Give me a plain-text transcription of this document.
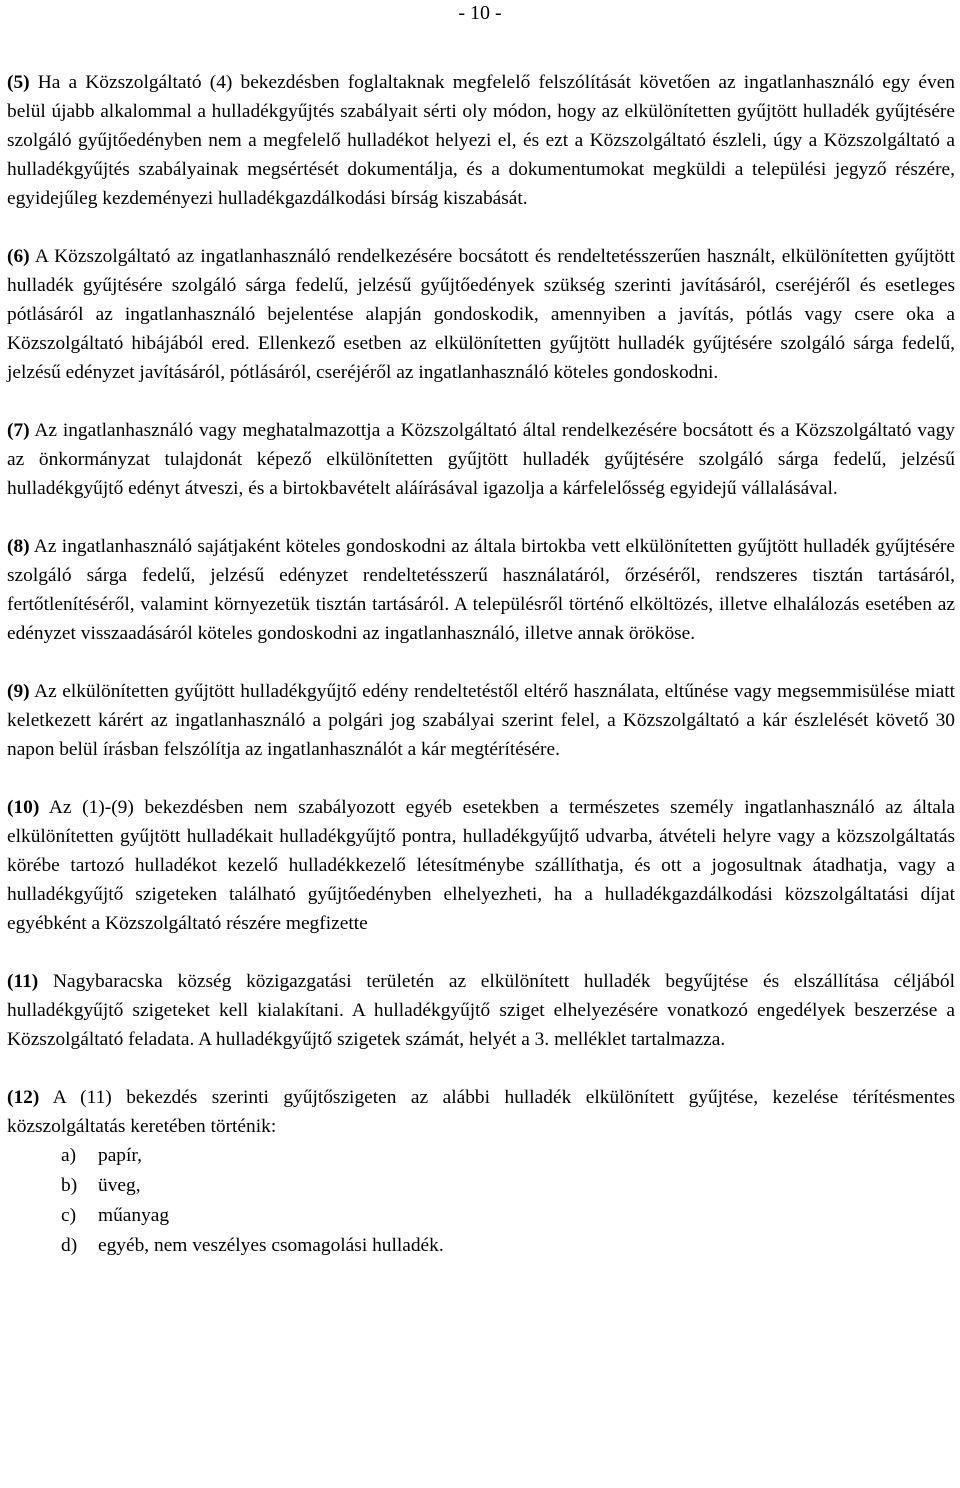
- 10 -

(5) Ha a Közszolgáltató (4) bekezdésben foglaltaknak megfelelő felszólítását követően az ingatlanhasználó egy éven belül újabb alkalommal a hulladékgyűjtés szabályait sérti oly módon, hogy az elkülönítetten gyűjtött hulladék gyűjtésére szolgáló gyűjtőedényben nem a megfelelő hulladékot helyezi el, és ezt a Közszolgáltató észleli, úgy a Közszolgáltató a hulladékgyűjtés szabályainak megsértését dokumentálja, és a dokumentumokat megküldi a települési jegyző részére, egyidejűleg kezdeményezi hulladékgazdálkodási bírság kiszabását.

(6) A Közszolgáltató az ingatlanhasználó rendelkezésére bocsátott és rendeltetésszerűen használt, elkülönítetten gyűjtött hulladék gyűjtésére szolgáló sárga fedelű, jelzésű gyűjtőedények szükség szerinti javításáról, cseréjéről és esetleges pótlásáról az ingatlanhasználó bejelentése alapján gondoskodik, amennyiben a javítás, pótlás vagy csere oka a Közszolgáltató hibájából ered. Ellenkező esetben az elkülönítetten gyűjtött hulladék gyűjtésére szolgáló sárga fedelű, jelzésű edényzet javításáról, pótlásáról, cseréjéről az ingatlanhasználó köteles gondoskodni.

(7) Az ingatlanhasználó vagy meghatalmazottja a Közszolgáltató által rendelkezésére bocsátott és a Közszolgáltató vagy az önkormányzat tulajdonát képező elkülönítetten gyűjtött hulladék gyűjtésére szolgáló sárga fedelű, jelzésű hulladékgyűjtő edényt átveszi, és a birtokbavételt aláírásával igazolja a kárfelelősség egyidejű vállalásával.

(8) Az ingatlanhasználó sajátjaként köteles gondoskodni az általa birtokba vett elkülönítetten gyűjtött hulladék gyűjtésére szolgáló sárga fedelű, jelzésű edényzet rendeltetésszerű használatáról, őrzéséről, rendszeres tisztán tartásáról, fertőtlenítéséről, valamint környezetük tisztán tartásáról. A településről történő elköltözés, illetve elhalálozás esetében az edényzet visszaadásáról köteles gondoskodni az ingatlanhasználó, illetve annak örököse.

(9) Az elkülönítetten gyűjtött hulladékgyűjtő edény rendeltetéstől eltérő használata, eltűnése vagy megsemmisülése miatt keletkezett kárért az ingatlanhasználó a polgári jog szabályai szerint felel, a Közszolgáltató a kár észlelését követő 30 napon belül írásban felszólítja az ingatlanhasználót a kár megtérítésére.

(10) Az (1)-(9) bekezdésben nem szabályozott egyéb esetekben a természetes személy ingatlanhasználó az általa elkülönítetten gyűjtött hulladékait hulladékgyűjtő pontra, hulladékgyűjtő udvarba, átvételi helyre vagy a közszolgáltatás körébe tartozó hulladékot kezelő hulladékkezelő létesítménybe szállíthatja, és ott a jogosultnak átadhatja, vagy a hulladékgyűjtő szigeteken található gyűjtőedényben elhelyezheti, ha a hulladékgazdálkodási közszolgáltatási díjat egyébként a Közszolgáltató részére megfizette

(11) Nagybaracska község közigazgatási területén az elkülönített hulladék begyűjtése és elszállítása céljából hulladékgyűjtő szigeteket kell kialakítani. A hulladékgyűjtő sziget elhelyezésére vonatkozó engedélyek beszerzése a Közszolgáltató feladata. A hulladékgyűjtő szigetek számát, helyét a 3. melléklet tartalmazza.

(12) A (11) bekezdés szerinti gyűjtőszigeten az alábbi hulladék elkülönített gyűjtése, kezelése térítésmentes közszolgáltatás keretében történik:

a) papír,
b) üveg,
c) műanyag
d) egyéb, nem veszélyes csomagolási hulladék.
